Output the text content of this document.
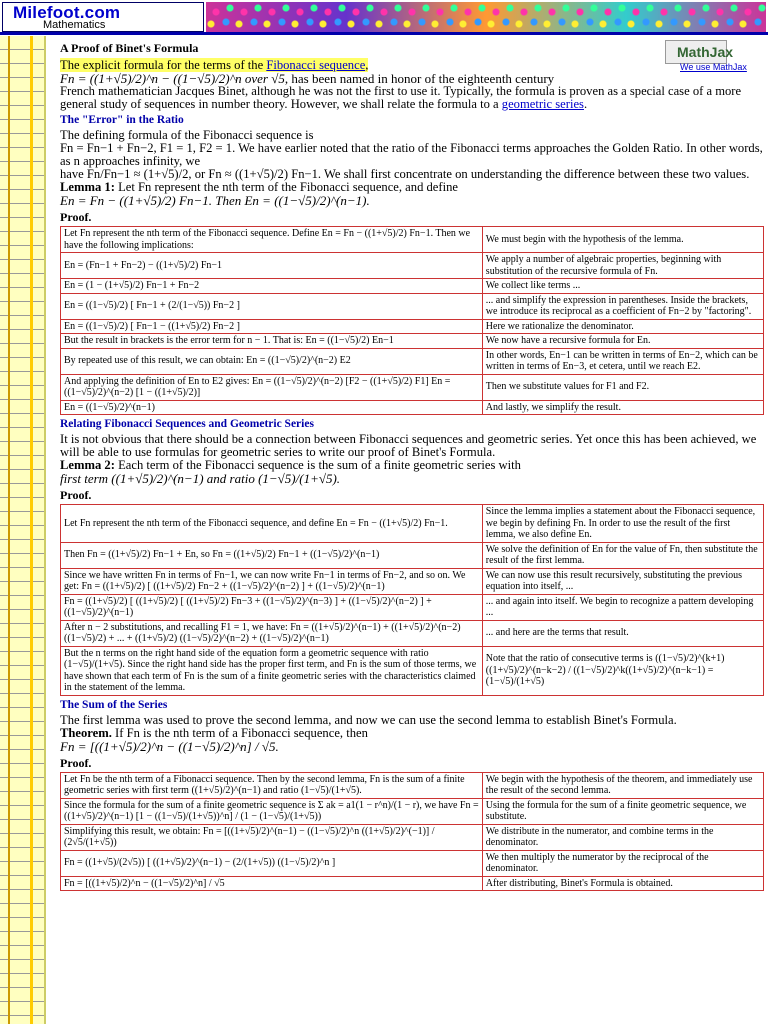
Milefoot.com
Mathematics
MathJax
We use MathJax
A Proof of Binet's Formula

The explicit formula for the terms of the Fibonacci sequence,

Fn = ((1+√5)/2)^n − ((1−√5)/2)^n over √5, has been named in honor of the eighteenth century

French mathematician Jacques Binet, although he was not the first to use it. Typically, the formula is proven as a special case of a more general study of sequences in number theory. However, we shall relate the formula to a geometric series.

The "Error" in the Ratio

The defining formula of the Fibonacci sequence is

Fn = Fn−1 + Fn−2, F1 = 1, F2 = 1. We have earlier noted that the ratio of the Fibonacci terms approaches the Golden Ratio. In other words, as n approaches infinity, we

have Fn/Fn−1 ≈ (1+√5)/2, or Fn ≈ ((1+√5)/2) Fn−1. We shall first concentrate on understanding the difference between these two values.

Lemma 1: Let Fn represent the nth term of the Fibonacci sequence, and define

En = Fn − ((1+√5)/2) Fn−1. Then En = ((1−√5)/2)^(n−1).

Proof.
Let Fn represent the nth term of the Fibonacci sequence. Define En = Fn − ((1+√5)/2) Fn−1. Then we have the following implications:	We must begin with the hypothesis of the lemma.
En = (Fn−1 + Fn−2) − ((1+√5)/2) Fn−1	We apply a number of algebraic properties, beginning with substitution of the recursive formula of Fn.
En = (1 − (1+√5)/2) Fn−1 + Fn−2	We collect like terms ...
En = ((1−√5)/2) [ Fn−1 + (2/(1−√5)) Fn−2 ]	... and simplify the expression in parentheses. Inside the brackets, we introduce its reciprocal as a coefficient of Fn−2 by "factoring".
En = ((1−√5)/2) [ Fn−1 − ((1+√5)/2) Fn−2 ]	Here we rationalize the denominator.
But the result in brackets is the error term for n − 1. That is: En = ((1−√5)/2) En−1	We now have a recursive formula for En.
By repeated use of this result, we can obtain: En = ((1−√5)/2)^(n−2) E2	In other words, En−1 can be written in terms of En−2, which can be written in terms of En−3, et cetera, until we reach E2.
And applying the definition of En to E2 gives: En = ((1−√5)/2)^(n−2) [F2 − ((1+√5)/2) F1] En = ((1−√5)/2)^(n−2) [1 − ((1+√5)/2)]	Then we substitute values for F1 and F2.
En = ((1−√5)/2)^(n−1)	And lastly, we simplify the result.
Relating Fibonacci Sequences and Geometric Series

It is not obvious that there should be a connection between Fibonacci sequences and geometric series. Yet once this has been achieved, we will be able to use formulas for geometric series to write our proof of Binet's Formula.

Lemma 2: Each term of the Fibonacci sequence is the sum of a finite geometric series with

first term ((1+√5)/2)^(n−1) and ratio (1−√5)/(1+√5).

Proof.
Let Fn represent the nth term of the Fibonacci sequence, and define En = Fn − ((1+√5)/2) Fn−1.	Since the lemma implies a statement about the Fibonacci sequence, we begin by defining Fn. In order to use the result of the first lemma, we also define En.
Then Fn = ((1+√5)/2) Fn−1 + En, so Fn = ((1+√5)/2) Fn−1 + ((1−√5)/2)^(n−1)	We solve the definition of En for the value of Fn, then substitute the result of the first lemma.
Since we have written Fn in terms of Fn−1, we can now write Fn−1 in terms of Fn−2, and so on. We get: Fn = ((1+√5)/2) [ ((1+√5)/2) Fn−2 + ((1−√5)/2)^(n−2) ] + ((1−√5)/2)^(n−1)	We can now use this result recursively, substituting the previous equation into itself, ...
Fn = ((1+√5)/2) [ ((1+√5)/2) [ ((1+√5)/2) Fn−3 + ((1−√5)/2)^(n−3) ] + ((1−√5)/2)^(n−2) ] + ((1−√5)/2)^(n−1)	... and again into itself. We begin to recognize a pattern developing ...
After n − 2 substitutions, and recalling F1 = 1, we have: Fn = ((1+√5)/2)^(n−1) + ((1+√5)/2)^(n−2) ((1−√5)/2) + ... + ((1+√5)/2) ((1−√5)/2)^(n−2) + ((1−√5)/2)^(n−1)	... and here are the terms that result.
But the n terms on the right hand side of the equation form a geometric sequence with ratio (1−√5)/(1+√5). Since the right hand side has the proper first term, and Fn is the sum of those terms, we have shown that each term of Fn is the sum of a finite geometric series with the characteristics claimed in the statement of the lemma.	Note that the ratio of consecutive terms is ((1−√5)/2)^(k+1)((1+√5)/2)^(n−k−2) / ((1−√5)/2)^k((1+√5)/2)^(n−k−1) = (1−√5)/(1+√5)
The Sum of the Series

The first lemma was used to prove the second lemma, and now we can use the second lemma to establish Binet's Formula.

Theorem. If Fn is the nth term of a Fibonacci sequence, then

Fn = [((1+√5)/2)^n − ((1−√5)/2)^n] / √5.

Proof.
Let Fn be the nth term of a Fibonacci sequence. Then by the second lemma, Fn is the sum of a finite geometric series with first term ((1+√5)/2)^(n−1) and ratio (1−√5)/(1+√5).	We begin with the hypothesis of the theorem, and immediately use the result of the second lemma.
Since the formula for the sum of a finite geometric sequence is Σ ak = a1(1 − r^n)/(1 − r), we have Fn = ((1+√5)/2)^(n−1) [1 − ((1−√5)/(1+√5))^n] / (1 − (1−√5)/(1+√5))	Using the formula for the sum of a finite geometric sequence, we substitute.
Simplifying this result, we obtain: Fn = [((1+√5)/2)^(n−1) − ((1−√5)/2)^n ((1+√5)/2)^(−1)] / (2√5/(1+√5))	We distribute in the numerator, and combine terms in the denominator.
Fn = ((1+√5)/(2√5)) [ ((1+√5)/2)^(n−1) − (2/(1+√5)) ((1−√5)/2)^n ]	We then multiply the numerator by the reciprocal of the denominator.
Fn = [((1+√5)/2)^n − ((1−√5)/2)^n] / √5	After distributing, Binet's Formula is obtained.
